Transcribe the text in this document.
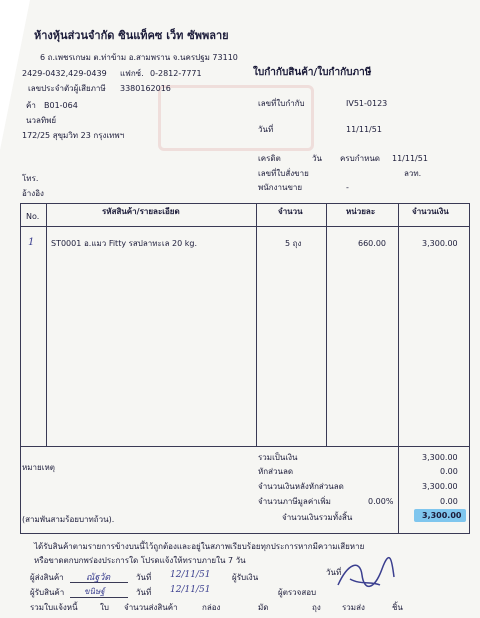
ห้างหุ้นส่วนจำกัด ซินแท็คซ เว็ท ซัพพลาย
6 ถ.เพชรเกษม ต.ท่าข้าม อ.สามพราน จ.นครปฐม 73110
2429-0432,429-0439 แฟกซ์. 0-2812-7771	ใบกำกับสินค้า/ใบกำกับภาษี
เลขประจำตัวผู้เสียภาษี 3380162016
ค้า B01-064
นวลทิพย์
172/25 สุขุมวิท 23 กรุงเทพฯ
โทร.
อ้างอิง
เลขที่ใบกำกับ	IV51-0123
วันที่	11/11/51
เครดิต	วัน ครบกำหนด 11/11/51
เลขที่ใบสั่งขาย	ลวท.
พนักงานขาย	-
No.
รหัสสินค้า/รายละเอียด	จำนวน	หน่วยละ	จำนวนเงิน
1 ST0001 อ.แมว Fitty รสปลาทะเล 20 kg.	5 ถุง	660.00	3,300.00
หมายเหตุ
(สามพันสามร้อยบาทถ้วน).
รวมเป็นเงิน	3,300.00
หักส่วนลด	0.00
จำนวนเงินหลังหักส่วนลด	3,300.00
จำนวนภาษีมูลค่าเพิ่ม	0.00%	0.00
จำนวนเงินรวมทั้งสิ้น	3,300.00
ได้รับสินค้าตามรายการข้างบนนี้ไว้ถูกต้องและอยู่ในสภาพเรียบร้อยทุกประการหากมีความเสียหาย
หรือขาดตกบกพร่องประการใด โปรดแจ้งให้ทราบภายใน 7 วัน
ผู้ส่งสินค้า ณัฐวัด	วันที่ 12/11/51	ผู้รับเงิน
วันที่
ผู้รับสินค้า ขนิษฐ์	วันที่ 12/11/51	ผู้ตรวจสอบ
รวมใบแจ้งหนี้	ใบ จำนวนส่งสินค้า	กล่อง	มัด	ถุง	รวมส่ง	ชิ้น
